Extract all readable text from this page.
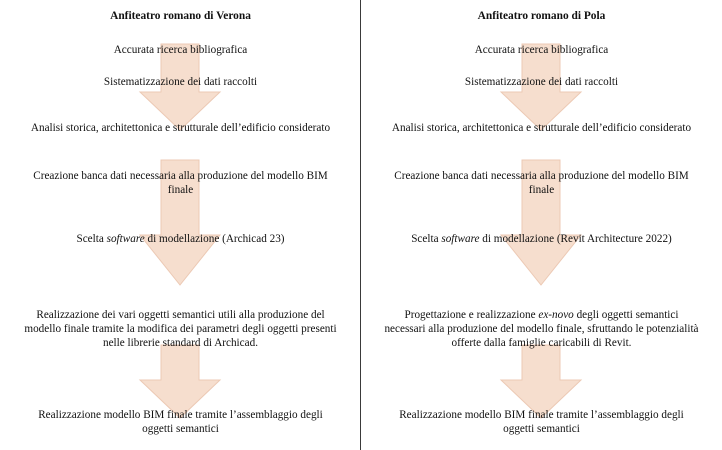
Anfiteatro romano di Verona
Accurata ricerca bibliografica
Sistematizzazione dei dati raccolti
Analisi storica, architettonica e strutturale dell’edificio considerato
Creazione banca dati necessaria alla produzione del modello BIM
finale
Scelta software di modellazione (Archicad 23)
Realizzazione dei vari oggetti semantici utili alla produzione del
modello finale tramite la modifica dei parametri degli oggetti presenti
nelle librerie standard di Archicad.
Realizzazione modello BIM finale tramite l’assemblaggio degli
oggetti semantici
Anfiteatro romano di Pola
Accurata ricerca bibliografica
Sistematizzazione dei dati raccolti
Analisi storica, architettonica e strutturale dell’edificio considerato
Creazione banca dati necessaria alla produzione del modello BIM
finale
Scelta software di modellazione (Revit Architecture 2022)
Progettazione e realizzazione ex-novo degli oggetti semantici
necessari alla produzione del modello finale, sfruttando le potenzialità
offerte dalla famiglie caricabili di Revit.
Realizzazione modello BIM finale tramite l’assemblaggio degli
oggetti semantici
